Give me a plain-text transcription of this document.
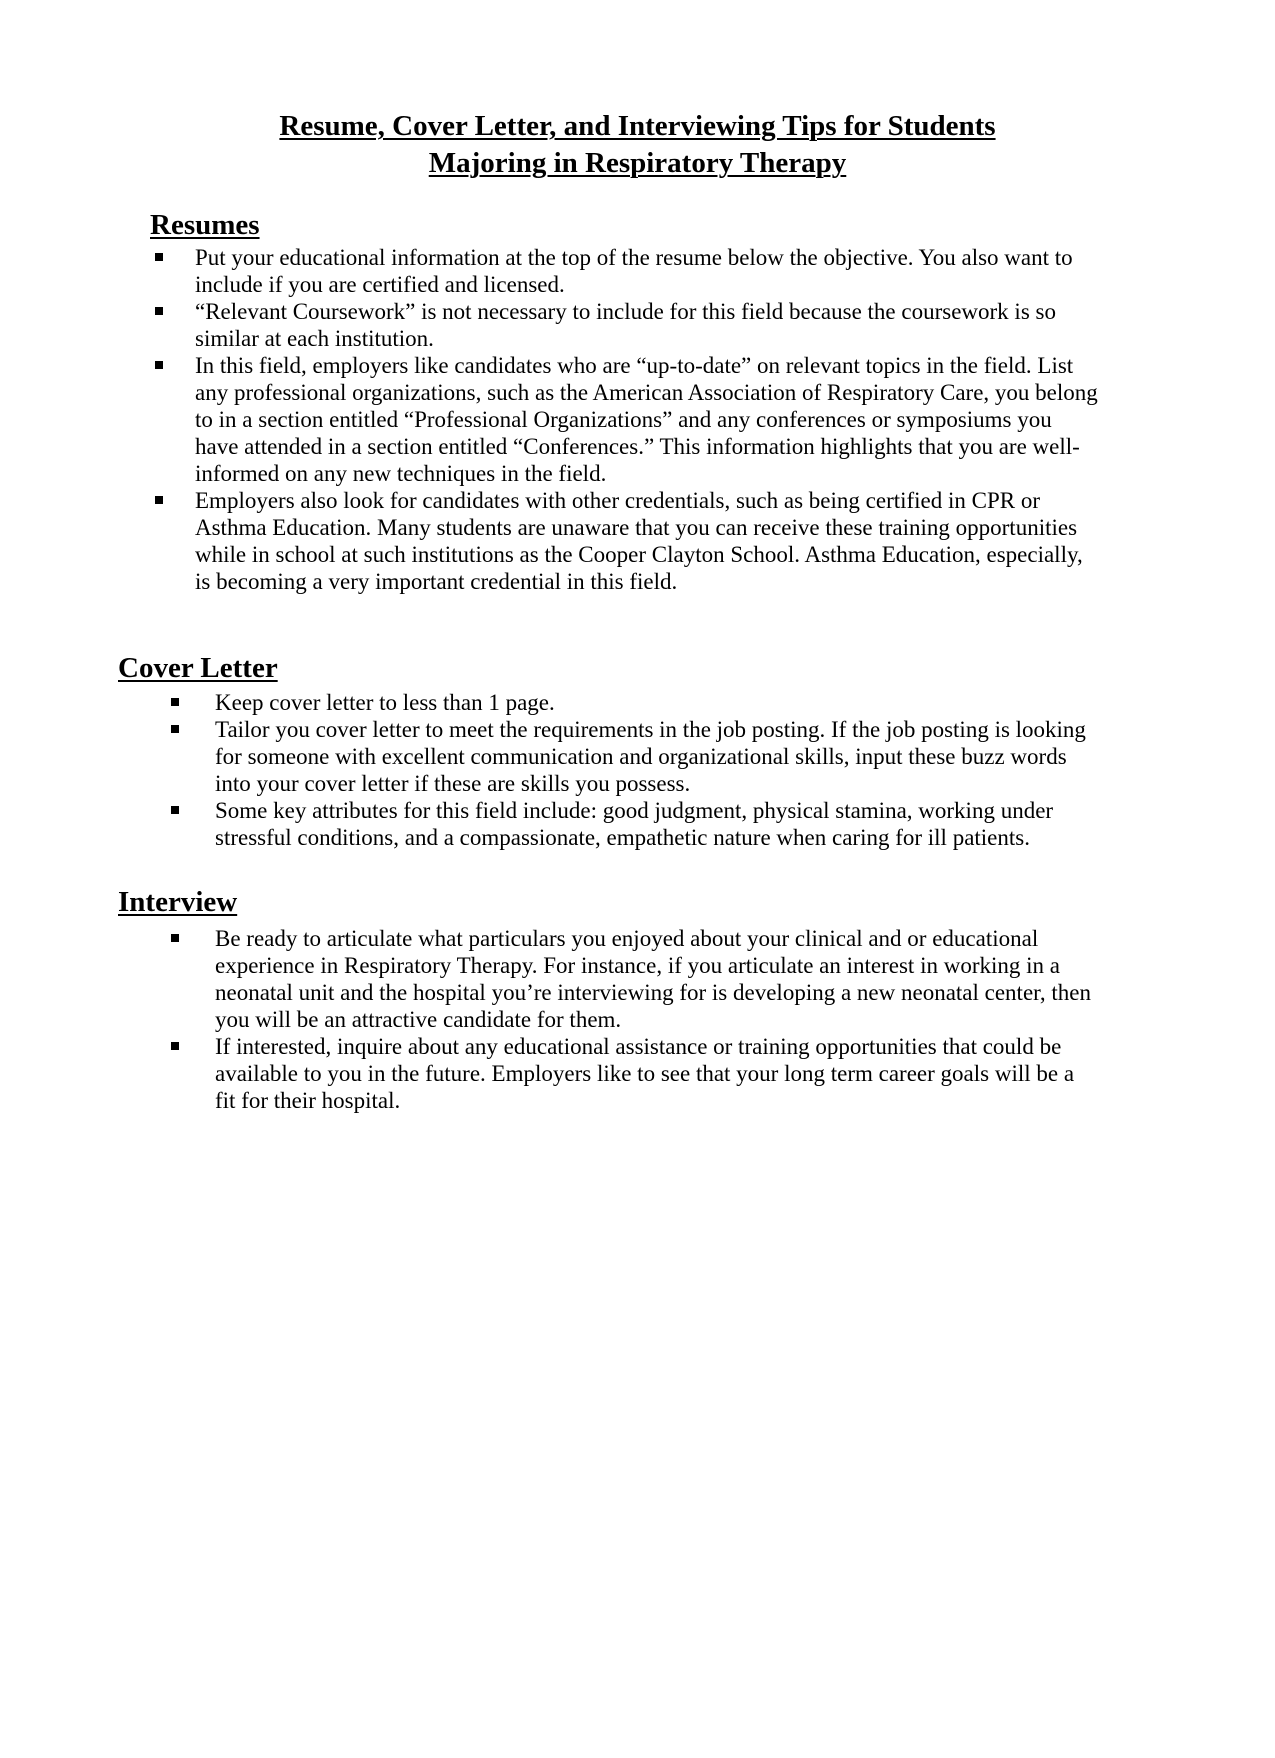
Resume, Cover Letter, and Interviewing Tips for Students
Majoring in Respiratory Therapy
Resumes
Put your educational information at the top of the resume below the objective. You also want to include if you are certified and licensed.
“Relevant Coursework” is not necessary to include for this field because the coursework is so similar at each institution.
In this field, employers like candidates who are “up-to-date” on relevant topics in the field. List any professional organizations, such as the American Association of Respiratory Care, you belong to in a section entitled “Professional Organizations” and any conferences or symposiums you have attended in a section entitled “Conferences.” This information highlights that you are well-informed on any new techniques in the field.
Employers also look for candidates with other credentials, such as being certified in CPR or Asthma Education. Many students are unaware that you can receive these training opportunities while in school at such institutions as the Cooper Clayton School. Asthma Education, especially, is becoming a very important credential in this field.
Cover Letter
Keep cover letter to less than 1 page.
Tailor you cover letter to meet the requirements in the job posting. If the job posting is looking for someone with excellent communication and organizational skills, input these buzz words into your cover letter if these are skills you possess.
Some key attributes for this field include: good judgment, physical stamina, working under stressful conditions, and a compassionate, empathetic nature when caring for ill patients.
Interview
Be ready to articulate what particulars you enjoyed about your clinical and or educational experience in Respiratory Therapy. For instance, if you articulate an interest in working in a neonatal unit and the hospital you’re interviewing for is developing a new neonatal center, then you will be an attractive candidate for them.
If interested, inquire about any educational assistance or training opportunities that could be available to you in the future. Employers like to see that your long term career goals will be a fit for their hospital.
